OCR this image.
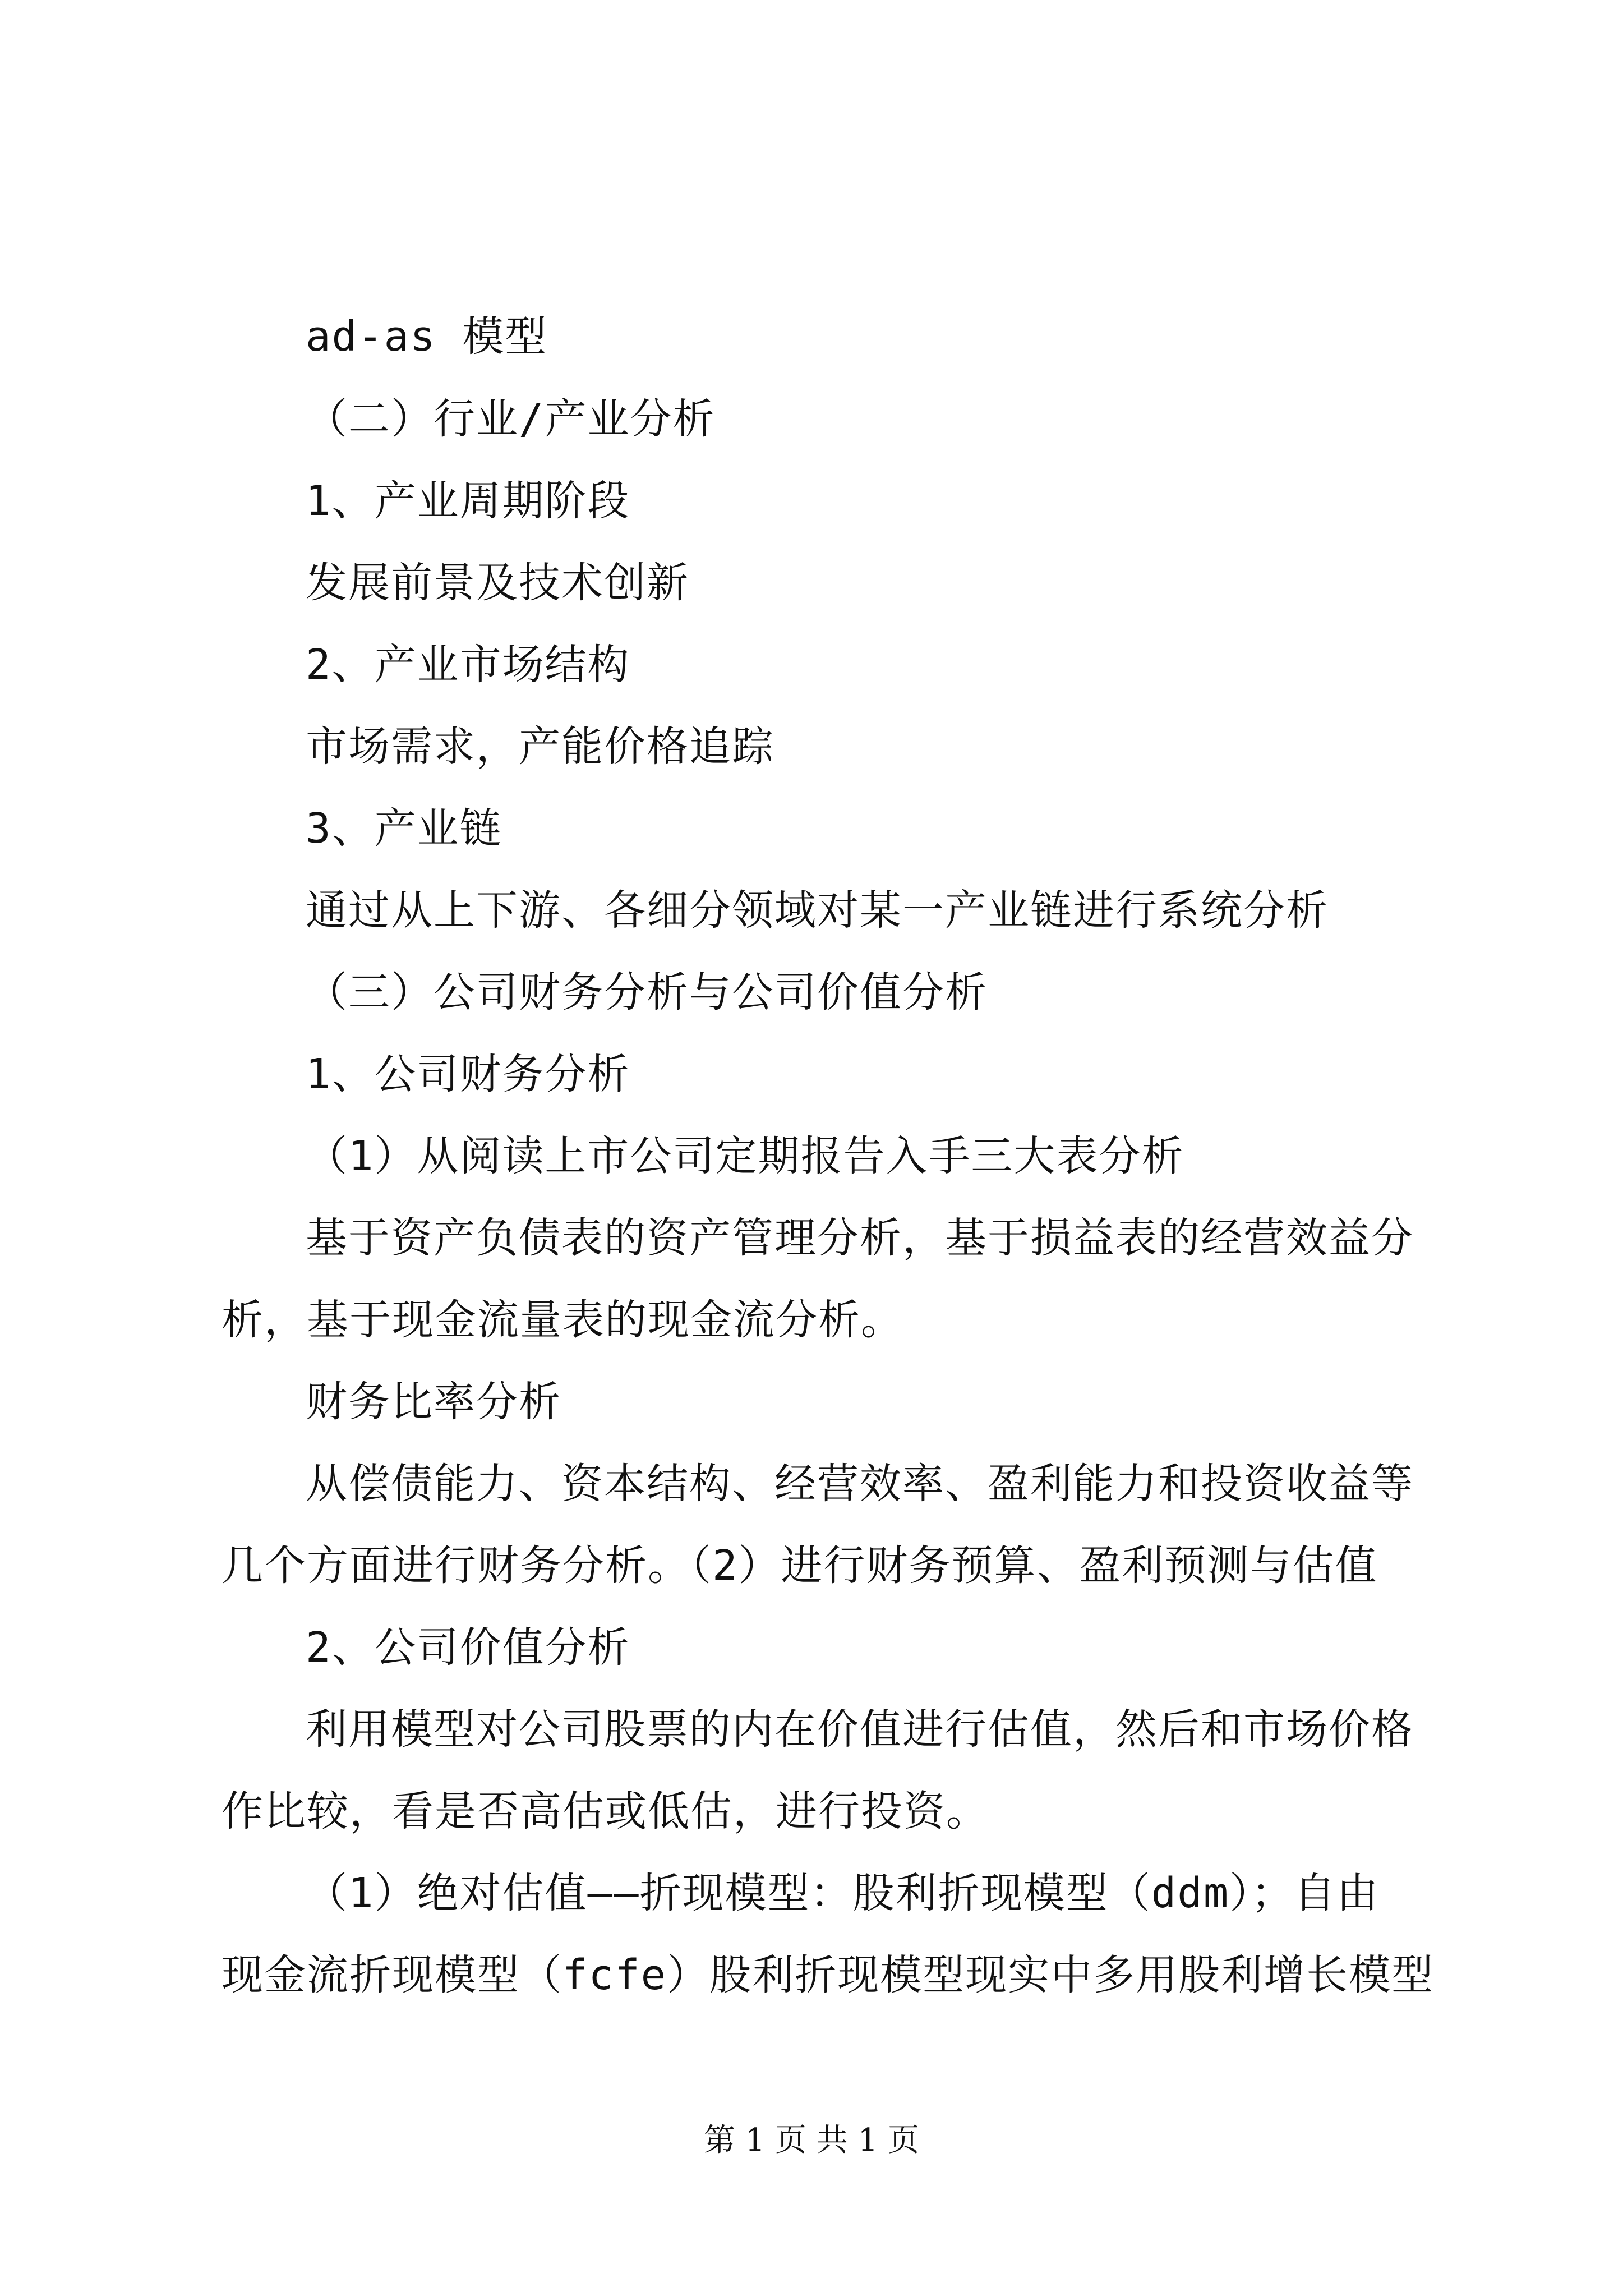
ad-as 模型
（二）行业/产业分析
1、产业周期阶段
发展前景及技术创新
2、产业市场结构
市场需求，产能价格追踪
3、产业链
通过从上下游、各细分领域对某一产业链进行系统分析
（三）公司财务分析与公司价值分析
1、公司财务分析
（1）从阅读上市公司定期报告入手三大表分析
基于资产负债表的资产管理分析，基于损益表的经营效益分
析，基于现金流量表的现金流分析。
财务比率分析
从偿债能力、资本结构、经营效率、盈利能力和投资收益等
几个方面进行财务分析。（2）进行财务预算、盈利预测与估值
2、公司价值分析
利用模型对公司股票的内在价值进行估值，然后和市场价格
作比较，看是否高估或低估，进行投资。
（1）绝对估值——折现模型：股利折现模型（ddm）；自由
现金流折现模型（fcfe）股利折现模型现实中多用股利增长模型
第 1 页 共 1 页
